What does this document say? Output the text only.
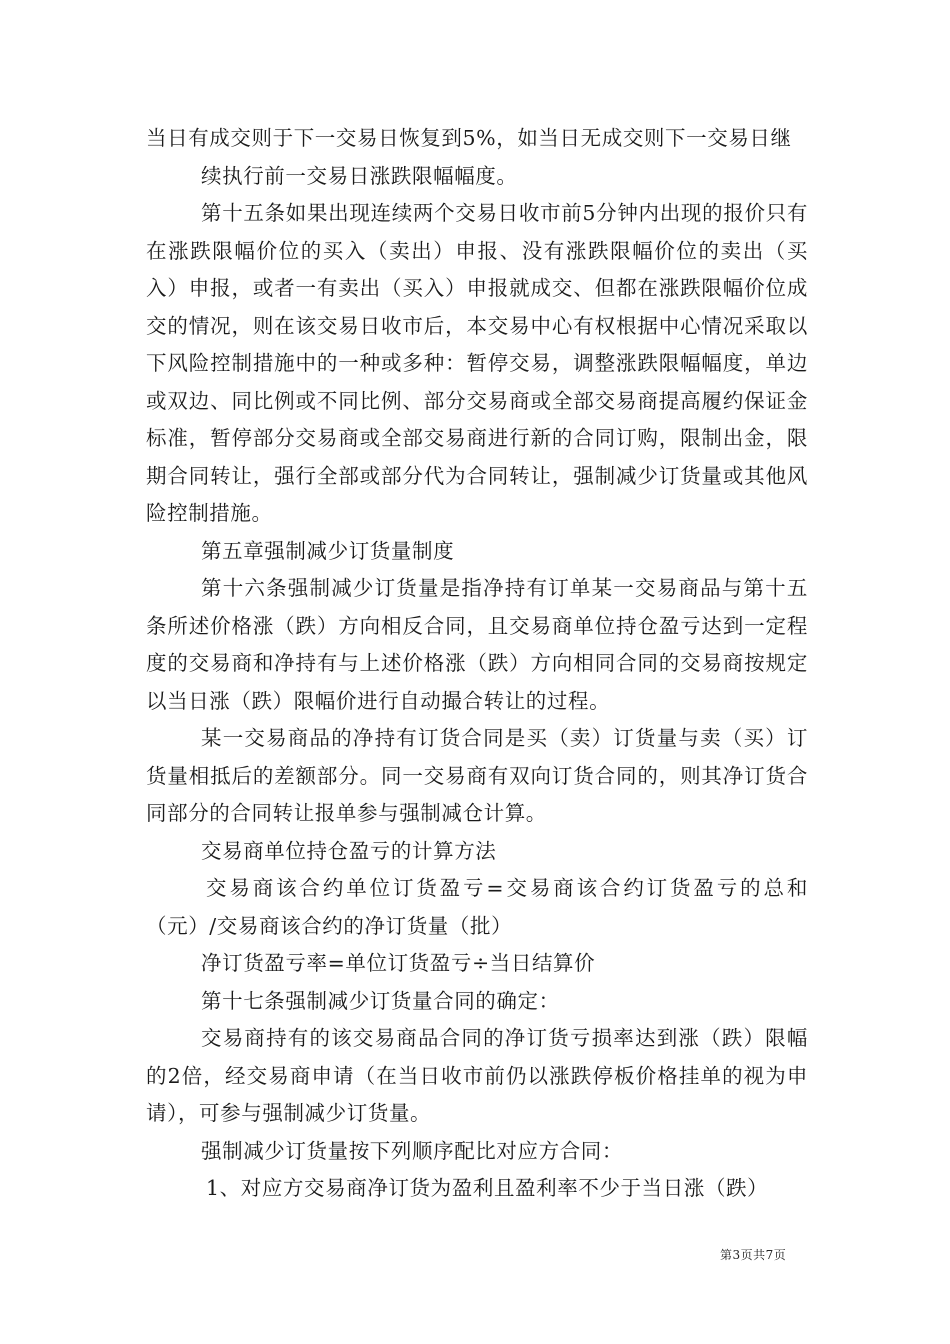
当日有成交则于下一交易日恢复到5%，如当日无成交则下一交易日继

续执行前一交易日涨跌限幅幅度。

第十五条如果出现连续两个交易日收市前5分钟内出现的报价只有在涨跌限幅价位的买入（卖出）申报、没有涨跌限幅价位的卖出（买入）申报，或者一有卖出（买入）申报就成交、但都在涨跌限幅价位成交的情况，则在该交易日收市后，本交易中心有权根据中心情况采取以下风险控制措施中的一种或多种：暂停交易，调整涨跌限幅幅度，单边或双边、同比例或不同比例、部分交易商或全部交易商提高履约保证金标准，暂停部分交易商或全部交易商进行新的合同订购，限制出金，限期合同转让，强行全部或部分代为合同转让，强制减少订货量或其他风险控制措施。

第五章强制减少订货量制度

第十六条强制减少订货量是指净持有订单某一交易商品与第十五条所述价格涨（跌）方向相反合同，且交易商单位持仓盈亏达到一定程度的交易商和净持有与上述价格涨（跌）方向相同合同的交易商按规定以当日涨（跌）限幅价进行自动撮合转让的过程。

某一交易商品的净持有订货合同是买（卖）订货量与卖（买）订货量相抵后的差额部分。同一交易商有双向订货合同的，则其净订货合同部分的合同转让报单参与强制减仓计算。

交易商单位持仓盈亏的计算方法

交易商该合约单位订货盈亏=交易商该合约订货盈亏的总和（元）/交易商该合约的净订货量（批）

净订货盈亏率=单位订货盈亏÷当日结算价

第十七条强制减少订货量合同的确定：

交易商持有的该交易商品合同的净订货亏损率达到涨（跌）限幅的2倍，经交易商申请（在当日收市前仍以涨跌停板价格挂单的视为申请），可参与强制减少订货量。

强制减少订货量按下列顺序配比对应方合同：

1、对应方交易商净订货为盈利且盈利率不少于当日涨（跌）

第3页共7页
